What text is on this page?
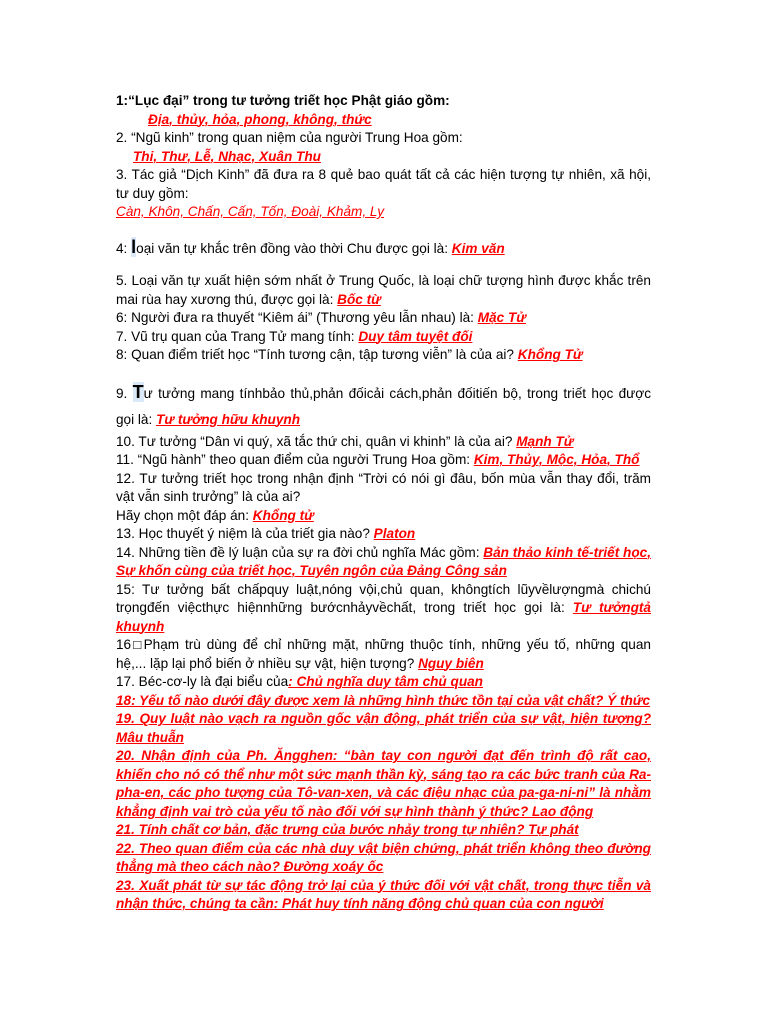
1:“Lục đại” trong tư tưởng triết học Phật giáo gồm:

Địa, thủy, hỏa, phong, không, thức

2. “Ngũ kinh” trong quan niệm của người Trung Hoa gồm:

Thi, Thư, Lễ, Nhạc, Xuân Thu

3. Tác giả “Dịch Kinh” đã đưa ra 8 quẻ bao quát tất cả các hiện tượng tự nhiên, xã hội, tư duy gồm:

Càn, Khôn, Chấn, Cấn, Tốn, Đoài, Khảm, Ly

4: loại văn tự khắc trên đồng vào thời Chu được gọi là: Kim văn

5. Loại văn tự xuất hiện sớm nhất ở Trung Quốc, là loại chữ tượng hình được khắc trên mai rùa hay xương thú, được gọi là: Bốc từ

6: Người đưa ra thuyết “Kiêm ái” (Thương yêu lẫn nhau) là: Mặc Tử

7. Vũ trụ quan của Trang Tử mang tính: Duy tâm tuyệt đối

8: Quan điểm triết học “Tính tương cận, tập tương viễn” là của ai? Khổng Tử

9. Tư tưởng mang tínhbảo thủ,phản đốicải cách,phản đốitiến bộ, trong triết học được gọi là: Tư tưởng hữu khuynh

10. Tư tưởng “Dân vi quý, xã tắc thứ chi, quân vi khinh” là của ai? Mạnh Tử

11. “Ngũ hành” theo quan điểm của người Trung Hoa gồm: Kim, Thủy, Mộc, Hỏa, Thổ

12. Tư tưởng triết học trong nhận định “Trời có nói gì đâu, bốn mùa vẫn thay đổi, trăm vật vẫn sinh trưởng” là của ai?

Hãy chọn một đáp án: Khổng tử

13. Học thuyết ý niệm là của triết gia nào? Platon

14. Những tiền đề lý luận của sự ra đời chủ nghĩa Mác gồm: Bản thảo kinh tế-triết học, Sự khốn cùng của triết học, Tuyên ngôn của Đảng Công sản

15: Tư tưởng bất chấpquy luật,nóng vội,chủ quan, khôngtích lũyvềlượngmà chichú trọngđến việcthực hiệnnhững bướcnhảyvềchất, trong triết học gọi là: Tư tưởngtả khuynh

16□Phạm trù dùng để chỉ những mặt, những thuộc tính, những yếu tố, những quan hệ,... lặp lại phổ biến ở nhiều sự vật, hiện tượng? Nguy biên

17. Béc-cơ-ly là đại biểu của: Chủ nghĩa duy tâm chủ quan

18: Yếu tố nào dưới đây được xem là những hình thức tồn tại của vật chất? Ý thức

19. Quy luật nào vạch ra nguồn gốc vận động, phát triển của sự vật, hiện tượng? Mâu thuẫn

20. Nhận định của Ph. Ăngghen: “bàn tay con người đạt đến trình độ rất cao, khiến cho nó có thể như một sức mạnh thần kỳ, sáng tạo ra các bức tranh của Ra-pha-en, các pho tượng của Tô-van-xen, và các điệu nhạc của pa-ga-ni-ni” là nhằm khẳng định vai trò của yếu tố nào đối với sự hình thành ý thức? Lao động

21. Tính chất cơ bản, đặc trưng của bước nhảy trong tự nhiên? Tự phát

22. Theo quan điểm của các nhà duy vật biện chứng, phát triển không theo đường thẳng mà theo cách nào? Đường xoáy ốc

23. Xuất phát từ sự tác động trở lại của ý thức đối với vật chất, trong thực tiễn và nhận thức, chúng ta cần: Phát huy tính năng động chủ quan của con người
